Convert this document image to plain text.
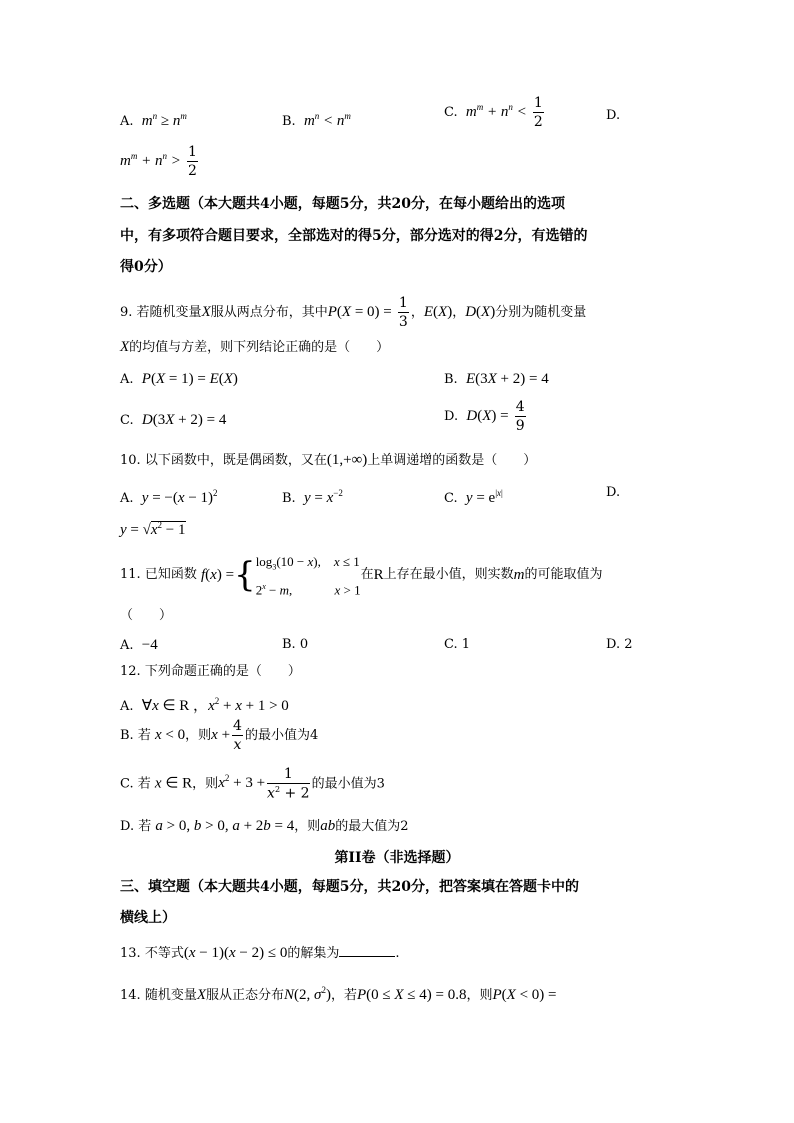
A. $m^n \ge n^m$	B. $m^n < n^m$	C. $m^m + n^n < \frac{1}{2}$	D.
$m^m + n^n > \frac{1}{2}$
二、多选题（本大题共4小题，每题5分，共20分，在每小题给出的选项
中，有多项符合题目要求，全部选对的得5分，部分选对的得2分，有选错的
得0分）
9. 若随机变量X服从两点分布，其中$P(X = 0) = \frac{1}{3}$ ，E(X)，D(X)分别为随机变量
X的均值与方差，则下列结论正确的是（　　）
A. P(X = 1) = E(X)	B. E(3X + 2) = 4
C. D(3X + 2) = 4	D. $D(X) = \frac{4}{9}$
10. 以下函数中，既是偶函数，又在(1,+∞)上单调递增的函数是（　　）
A. $y = -(x - 1)^2$	B. $y = x^{-2}$	C. $y = e^{|x|}$	D.
$y = √x^2 - 1$
11. 已知函数 $f(x) =\{\log_3(10 - x)$,    x ≤ 1
$2^x - m$,             x > 1在R上存在最小值，则实数m的可能取值为
（　　）
A. −4	B. 0	C. 1	D. 2
12. 下列命题正确的是（　　）
A. ∀x ∈ R ，$x^2 + x + 1 > 0$
B. 若 x < 0，则$x + \frac{4}{x}$ 的最小值为4
C. 若 x ∈ R，则$x^2 + 3 + \frac{1}{x^2 + 2}$ 的最小值为3
D. 若 a > 0, b > 0, a + 2b = 4，则ab的最大值为2
第II卷（非选择题）
三、填空题（本大题共4小题，每题5分，共20分，把答案填在答题卡中的
横线上）
13. 不等式(x − 1)(x − 2) ≤ 0的解集为	.
14. 随机变量X服从正态分布N(2, $\sigma^2$)，若P(0 ≤ X ≤ 4) = 0.8，则P(X < 0) =
